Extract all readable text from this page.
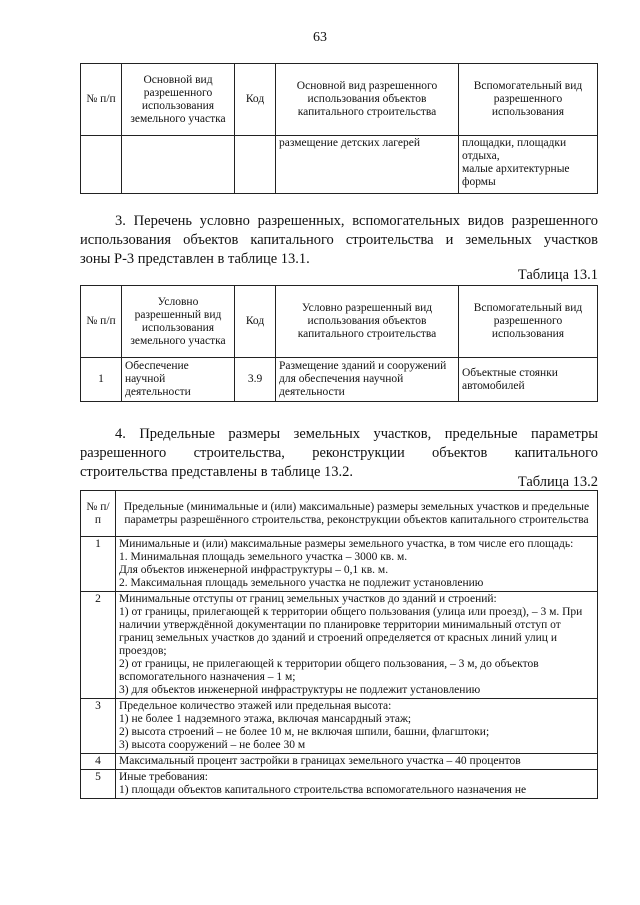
63
№ п/п	Основной вид разрешенного использования земельного участка	Код	Основной вид разрешенного использования объектов капитального строительства	Вспомогательный вид разрешенного использования
			размещение детских лагерей	площадки, площадки
отдыха,
малые архитектурные
формы
3. Перечень условно разрешенных, вспомогательных видов разрешенного
использования объектов капитального строительства и земельных участков
зоны Р-3 представлен в таблице 13.1.
Таблица 13.1
№ п/п	Условно разрешенный вид использования земельного участка	Код	Условно разрешенный вид использования объектов капитального строительства	Вспомогательный вид разрешенного использования
1	Обеспечение научной деятельности	3.9	Размещение зданий и сооружений для обеспечения научной деятельности	Объектные стоянки автомобилей
4. Предельные размеры земельных участков, предельные параметры
разрешенного строительства, реконструкции объектов капитального
строительства представлены в таблице 13.2.
Таблица 13.2
№ п/п	Предельные (минимальные и (или) максимальные) размеры земельных участков и предельные параметры разрешённого строительства, реконструкции объектов капитального строительства
1	Минимальные и (или) максимальные размеры земельного участка, в том числе его площадь:
1. Минимальная площадь земельного участка – 3000 кв. м.
Для объектов инженерной инфраструктуры – 0,1 кв. м.
2. Максимальная площадь земельного участка не подлежит установлению

2	Минимальные отступы от границ земельных участков до зданий и строений:
1) от границы, прилегающей к территории общего пользования (улица или проезд), – 3 м. При наличии утверждённой документации по планировке территории минимальный отступ от границ земельных участков до зданий и строений определяется от красных линий улиц и проездов;
2) от границы, не прилегающей к территории общего пользования, – 3 м, до объектов вспомогательного назначения – 1 м;
3) для объектов инженерной инфраструктуры не подлежит установлению

3	Предельное количество этажей или предельная высота:
1) не более 1 надземного этажа, включая мансардный этаж;
2) высота строений – не более 10 м, не включая шпили, башни, флагштоки;
3) высота сооружений – не более 30 м

4	Максимальный процент застройки в границах земельного участка – 40 процентов

5	Иные требования:
1) площади объектов капитального строительства вспомогательного назначения не
